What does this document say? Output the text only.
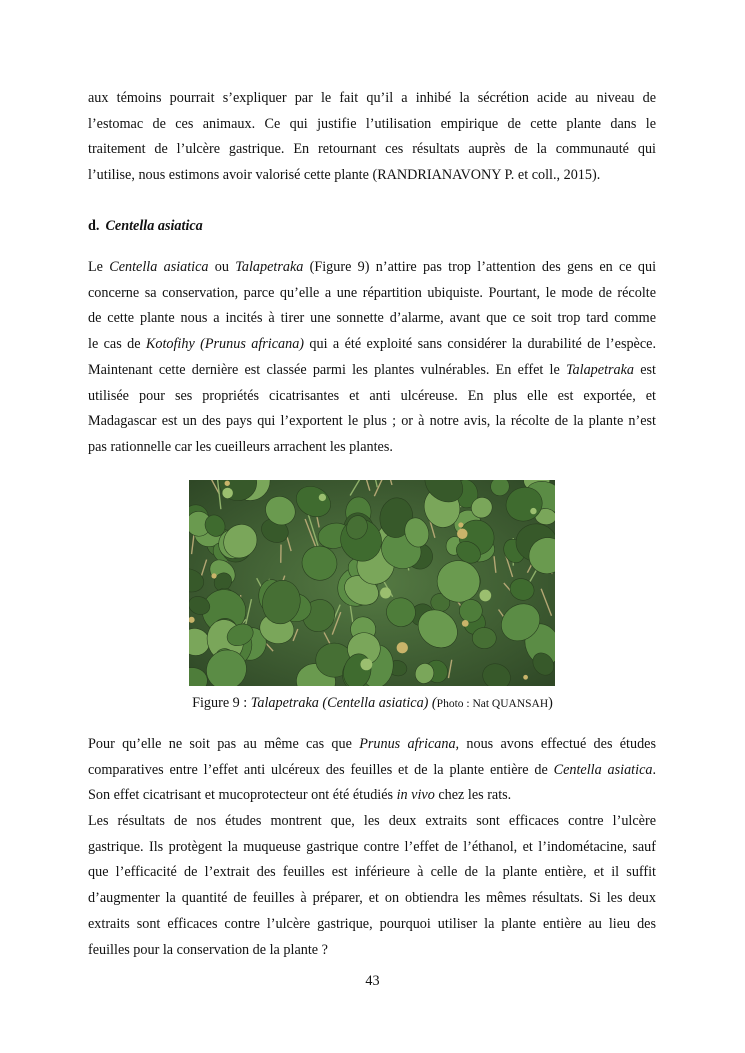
aux témoins pourrait s’expliquer par le fait qu’il a inhibé la sécrétion acide au niveau de
l’estomac de ces animaux. Ce qui justifie l’utilisation empirique de cette plante dans le
traitement de l’ulcère gastrique. En retournant ces résultats auprès de la communauté qui
l’utilise, nous estimons avoir valorisé cette plante (RANDRIANAVONY P. et coll., 2015).
d. Centella asiatica
Le Centella asiatica ou Talapetraka (Figure 9) n’attire pas trop l’attention des gens en ce qui
concerne sa conservation, parce qu’elle a une répartition ubiquiste. Pourtant, le mode de récolte
de cette plante nous a incités à tirer une sonnette d’alarme, avant que ce soit trop tard comme
le cas de Kotofihy (Prunus africana) qui a été exploité sans considérer la durabilité de l’espèce.
Maintenant cette dernière est classée parmi les plantes vulnérables. En effet le Talapetraka est
utilisée pour ses propriétés cicatrisantes et anti ulcéreuse. En plus elle est exportée, et
Madagascar est un des pays qui l’exportent le plus ; or à notre avis, la récolte de la plante n’est
pas rationnelle car les cueilleurs arrachent les plantes.
Figure 9 : Talapetraka (Centella asiatica) (Photo : Nat QUANSAH)
Pour qu’elle ne soit pas au même cas que Prunus africana, nous avons effectué des études
comparatives entre l’effet anti ulcéreux des feuilles et de la plante entière de Centella asiatica.
Son effet cicatrisant et mucoprotecteur ont été étudiés in vivo chez les rats.
Les résultats de nos études montrent que, les deux extraits sont efficaces contre l’ulcère
gastrique. Ils protègent la muqueuse gastrique contre l’effet de l’éthanol, et l’indométacine, sauf
que l’efficacité de l’extrait des feuilles est inférieure à celle de la plante entière, et il suffit
d’augmenter la quantité de feuilles à préparer, et on obtiendra les mêmes résultats. Si les deux
extraits sont efficaces contre l’ulcère gastrique, pourquoi utiliser la plante entière au lieu des
feuilles pour la conservation de la plante ?
43
